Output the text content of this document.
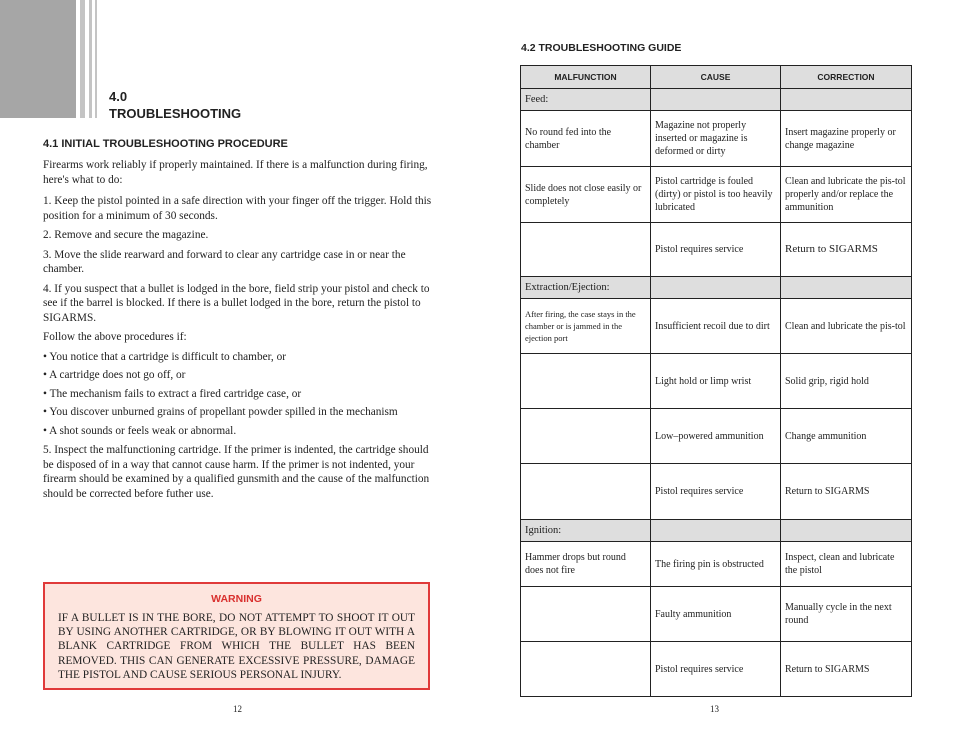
4.0
TROUBLESHOOTING
4.1 INITIAL TROUBLESHOOTING PROCEDURE

Firearms work reliably if properly maintained. If there is a malfunction during firing, here's what to do:

1. Keep the pistol pointed in a safe direction with your finger off the trigger. Hold this position for a minimum of 30 seconds.

2. Remove and secure the magazine.

3. Move the slide rearward and forward to clear any cartridge case in or near the chamber.

4. If you suspect that a bullet is lodged in the bore, field strip your pistol and check to see if the barrel is blocked. If there is a bullet lodged in the bore, return the pistol to SIGARMS.

Follow the above procedures if:

• You notice that a cartridge is difficult to chamber, or

• A cartridge does not go off, or

• The mechanism fails to extract a fired cartridge case, or

• You discover unburned grains of propellant powder spilled in the mechanism

• A shot sounds or feels weak or abnormal.

5. Inspect the malfunctioning cartridge. If the primer is indented, the cartridge should be disposed of in a way that cannot cause harm. If the primer is not indented, your firearm should be examined by a qualified gunsmith and the cause of the malfunction should be corrected before futher use.

WARNING
IF A BULLET IS IN THE BORE, DO NOT ATTEMPT TO SHOOT IT OUT BY USING ANOTHER CARTRIDGE, OR BY BLOWING IT OUT WITH A BLANK CARTRIDGE FROM WHICH THE BULLET HAS BEEN REMOVED. THIS CAN GENERATE EXCESSIVE PRESSURE, DAMAGE THE PISTOL AND CAUSE SERIOUS PERSONAL INJURY.
12
4.2 TROUBLESHOOTING GUIDE
MALFUNCTION	CAUSE	CORRECTION
Feed:		
No round fed into the chamber	Magazine not properly inserted or magazine is deformed or dirty	Insert magazine properly or change magazine
Slide does not close easily or completely	Pistol cartridge is fouled (dirty) or pistol is too heavily lubricated	Clean and lubricate the pis-tol properly and/or replace the ammunition
	Pistol requires service	Return to SIGARMS
Extraction/Ejection:		
After firing, the case stays in the chamber or is jammed in the ejection port	Insufficient recoil due to dirt	Clean and lubricate the pis-tol
	Light hold or limp wrist	Solid grip, rigid hold
	Low–powered ammunition	Change ammunition
	Pistol requires service	Return to SIGARMS
Ignition:		
Hammer drops but round does not fire	The firing pin is obstructed	Inspect, clean and lubricate the pistol
	Faulty ammunition	Manually cycle in the next round
	Pistol requires service	Return to SIGARMS
13
